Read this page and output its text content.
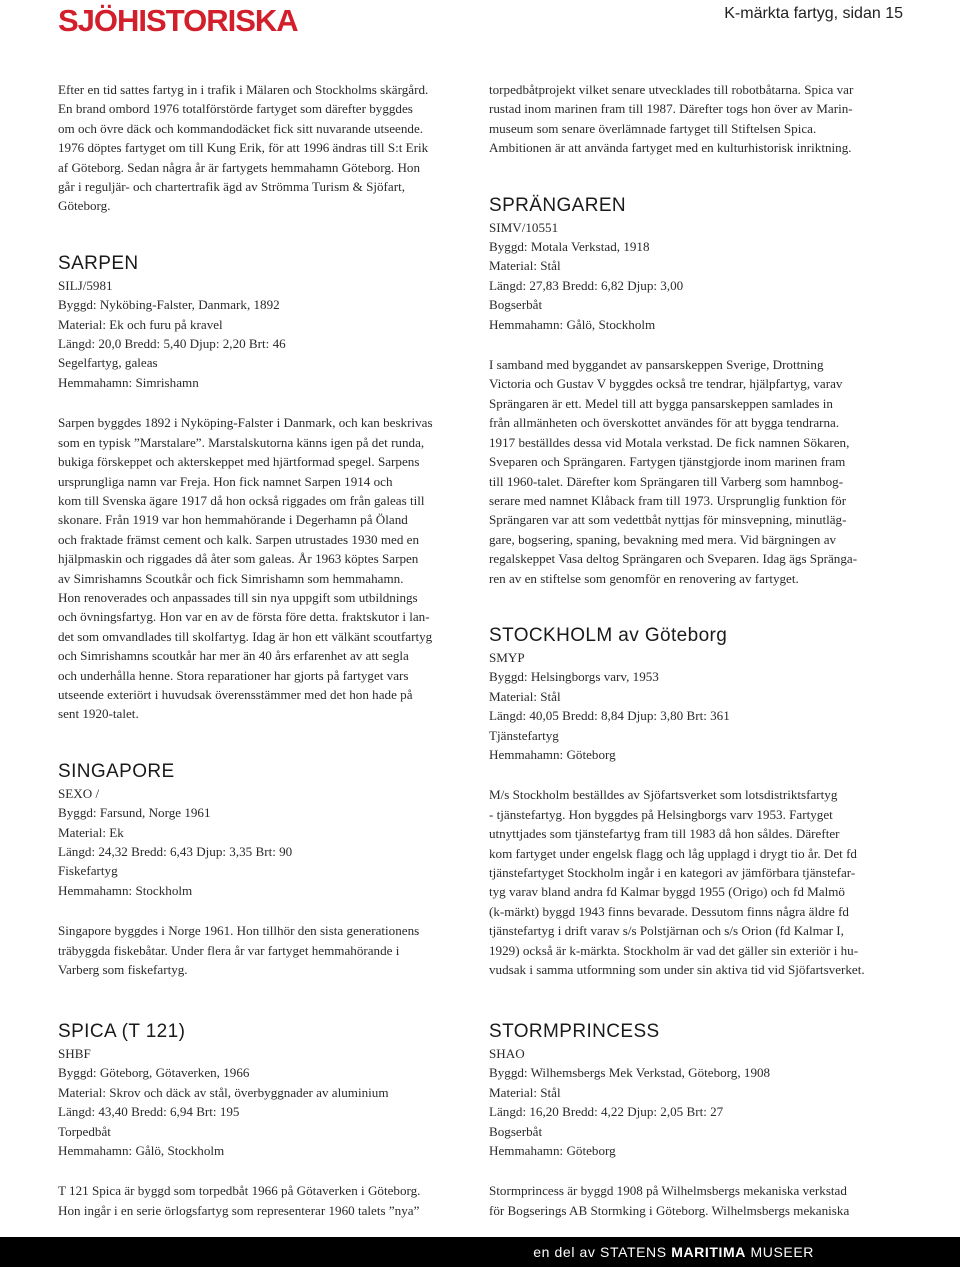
SJÖHISTORISKA	K-märkta fartyg, sidan 15

Efter en tid sattes fartyg in i trafik i Mälaren och Stockholms skärgård.

En brand ombord 1976 totalförstörde fartyget som därefter byggdes

om och övre däck och kommandodäcket fick sitt nuvarande utseende.

1976 döptes fartyget om till Kung Erik, för att 1996 ändras till S:t Erik

af Göteborg. Sedan några år är fartygets hemmahamn Göteborg. Hon

går i reguljär- och chartertrafik ägd av Strömma Turism & Sjöfart,

Göteborg.

SARPEN

SILJ/5981

Byggd: Nyköbing-Falster, Danmark, 1892

Material: Ek och furu på kravel

Längd: 20,0 Bredd: 5,40 Djup: 2,20 Brt: 46

Segelfartyg, galeas

Hemmahamn: Simrishamn

Sarpen byggdes 1892 i Nyköping-Falster i Danmark, och kan beskrivas

som en typisk ”Marstalare”. Marstalskutorna känns igen på det runda,

bukiga förskeppet och akterskeppet med hjärtformad spegel. Sarpens

ursprungliga namn var Freja. Hon fick namnet Sarpen 1914 och

kom till Svenska ägare 1917 då hon också riggades om från galeas till

skonare. Från 1919 var hon hemmahörande i Degerhamn på Öland

och fraktade främst cement och kalk. Sarpen utrustades 1930 med en

hjälpmaskin och riggades då åter som galeas. År 1963 köptes Sarpen

av Simrishamns Scoutkår och fick Simrishamn som hemmahamn.

Hon renoverades och anpassades till sin nya uppgift som utbildnings

och övningsfartyg. Hon var en av de första före detta. fraktskutor i lan-

det som omvandlades till skolfartyg. Idag är hon ett välkänt scoutfartyg

och Simrishamns scoutkår har mer än 40 års erfarenhet av att segla

och underhålla henne. Stora reparationer har gjorts på fartyget vars

utseende exteriört i huvudsak överensstämmer med det hon hade på

sent 1920-talet.

SINGAPORE

SEXO /

Byggd: Farsund, Norge 1961

Material: Ek

Längd: 24,32 Bredd: 6,43 Djup: 3,35 Brt: 90

Fiskefartyg

Hemmahamn: Stockholm

Singapore byggdes i Norge 1961. Hon tillhör den sista generationens

träbyggda fiskebåtar. Under flera år var fartyget hemmahörande i

Varberg som fiskefartyg.

torpedbåtprojekt vilket senare utvecklades till robotbåtarna. Spica var

rustad inom marinen fram till 1987. Därefter togs hon över av Marin-

museum som senare överlämnade fartyget till Stiftelsen Spica.

Ambitionen är att använda fartyget med en kulturhistorisk inriktning.

SPRÄNGAREN

SIMV/10551

Byggd: Motala Verkstad, 1918

Material: Stål

Längd: 27,83 Bredd: 6,82 Djup: 3,00

Bogserbåt

Hemmahamn: Gålö, Stockholm

I samband med byggandet av pansarskeppen Sverige, Drottning

Victoria och Gustav V byggdes också tre tendrar, hjälpfartyg, varav

Sprängaren är ett. Medel till att bygga pansarskeppen samlades in

från allmänheten och överskottet användes för att bygga tendrarna.

1917 beställdes dessa vid Motala verkstad. De fick namnen Sökaren,

Sveparen och Sprängaren. Fartygen tjänstgjorde inom marinen fram

till 1960-talet. Därefter kom Sprängaren till Varberg som hamnbog-

serare med namnet Klåback fram till 1973. Ursprunglig funktion för

Sprängaren var att som vedettbåt nyttjas för minsvepning, minutläg-

gare, bogsering, spaning, bevakning med mera. Vid bärgningen av

regalskeppet Vasa deltog Sprängaren och Sveparen. Idag ägs Spränga-

ren av en stiftelse som genomför en renovering av fartyget.

STOCKHOLM av Göteborg

SMYP

Byggd: Helsingborgs varv, 1953

Material: Stål

Längd: 40,05 Bredd: 8,84 Djup: 3,80 Brt: 361

Tjänstefartyg

Hemmahamn: Göteborg

M/s Stockholm beställdes av Sjöfartsverket som lotsdistriktsfartyg

- tjänstefartyg. Hon byggdes på Helsingborgs varv 1953. Fartyget

utnyttjades som tjänstefartyg fram till 1983 då hon såldes. Därefter

kom fartyget under engelsk flagg och låg upplagd i drygt tio år. Det fd

tjänstefartyget Stockholm ingår i en kategori av jämförbara tjänstefar-

tyg varav bland andra fd Kalmar byggd 1955 (Origo) och fd Malmö

(k-märkt) byggd 1943 finns bevarade. Dessutom finns några äldre fd

tjänstefartyg i drift varav s/s Polstjärnan och s/s Orion (fd Kalmar I,

1929) också är k-märkta. Stockholm är vad det gäller sin exteriör i hu-

vudsak i samma utformning som under sin aktiva tid vid Sjöfartsverket.

SPICA (T 121)

SHBF

Byggd: Göteborg, Götaverken, 1966

Material: Skrov och däck av stål, överbyggnader av aluminium

Längd: 43,40 Bredd: 6,94 Brt: 195

Torpedbåt

Hemmahamn: Gålö, Stockholm

T 121 Spica är byggd som torpedbåt 1966 på Götaverken i Göteborg.

Hon ingår i en serie örlogsfartyg som representerar 1960 talets ”nya”

STORMPRINCESS

SHAO

Byggd: Wilhemsbergs Mek Verkstad, Göteborg, 1908

Material: Stål

Längd: 16,20 Bredd: 4,22 Djup: 2,05 Brt: 27

Bogserbåt

Hemmahamn: Göteborg

Stormprincess är byggd 1908 på Wilhelmsbergs mekaniska verkstad

för Bogserings AB Stormking i Göteborg. Wilhelmsbergs mekaniska

en del av STATENS MARITIMA MUSEER
